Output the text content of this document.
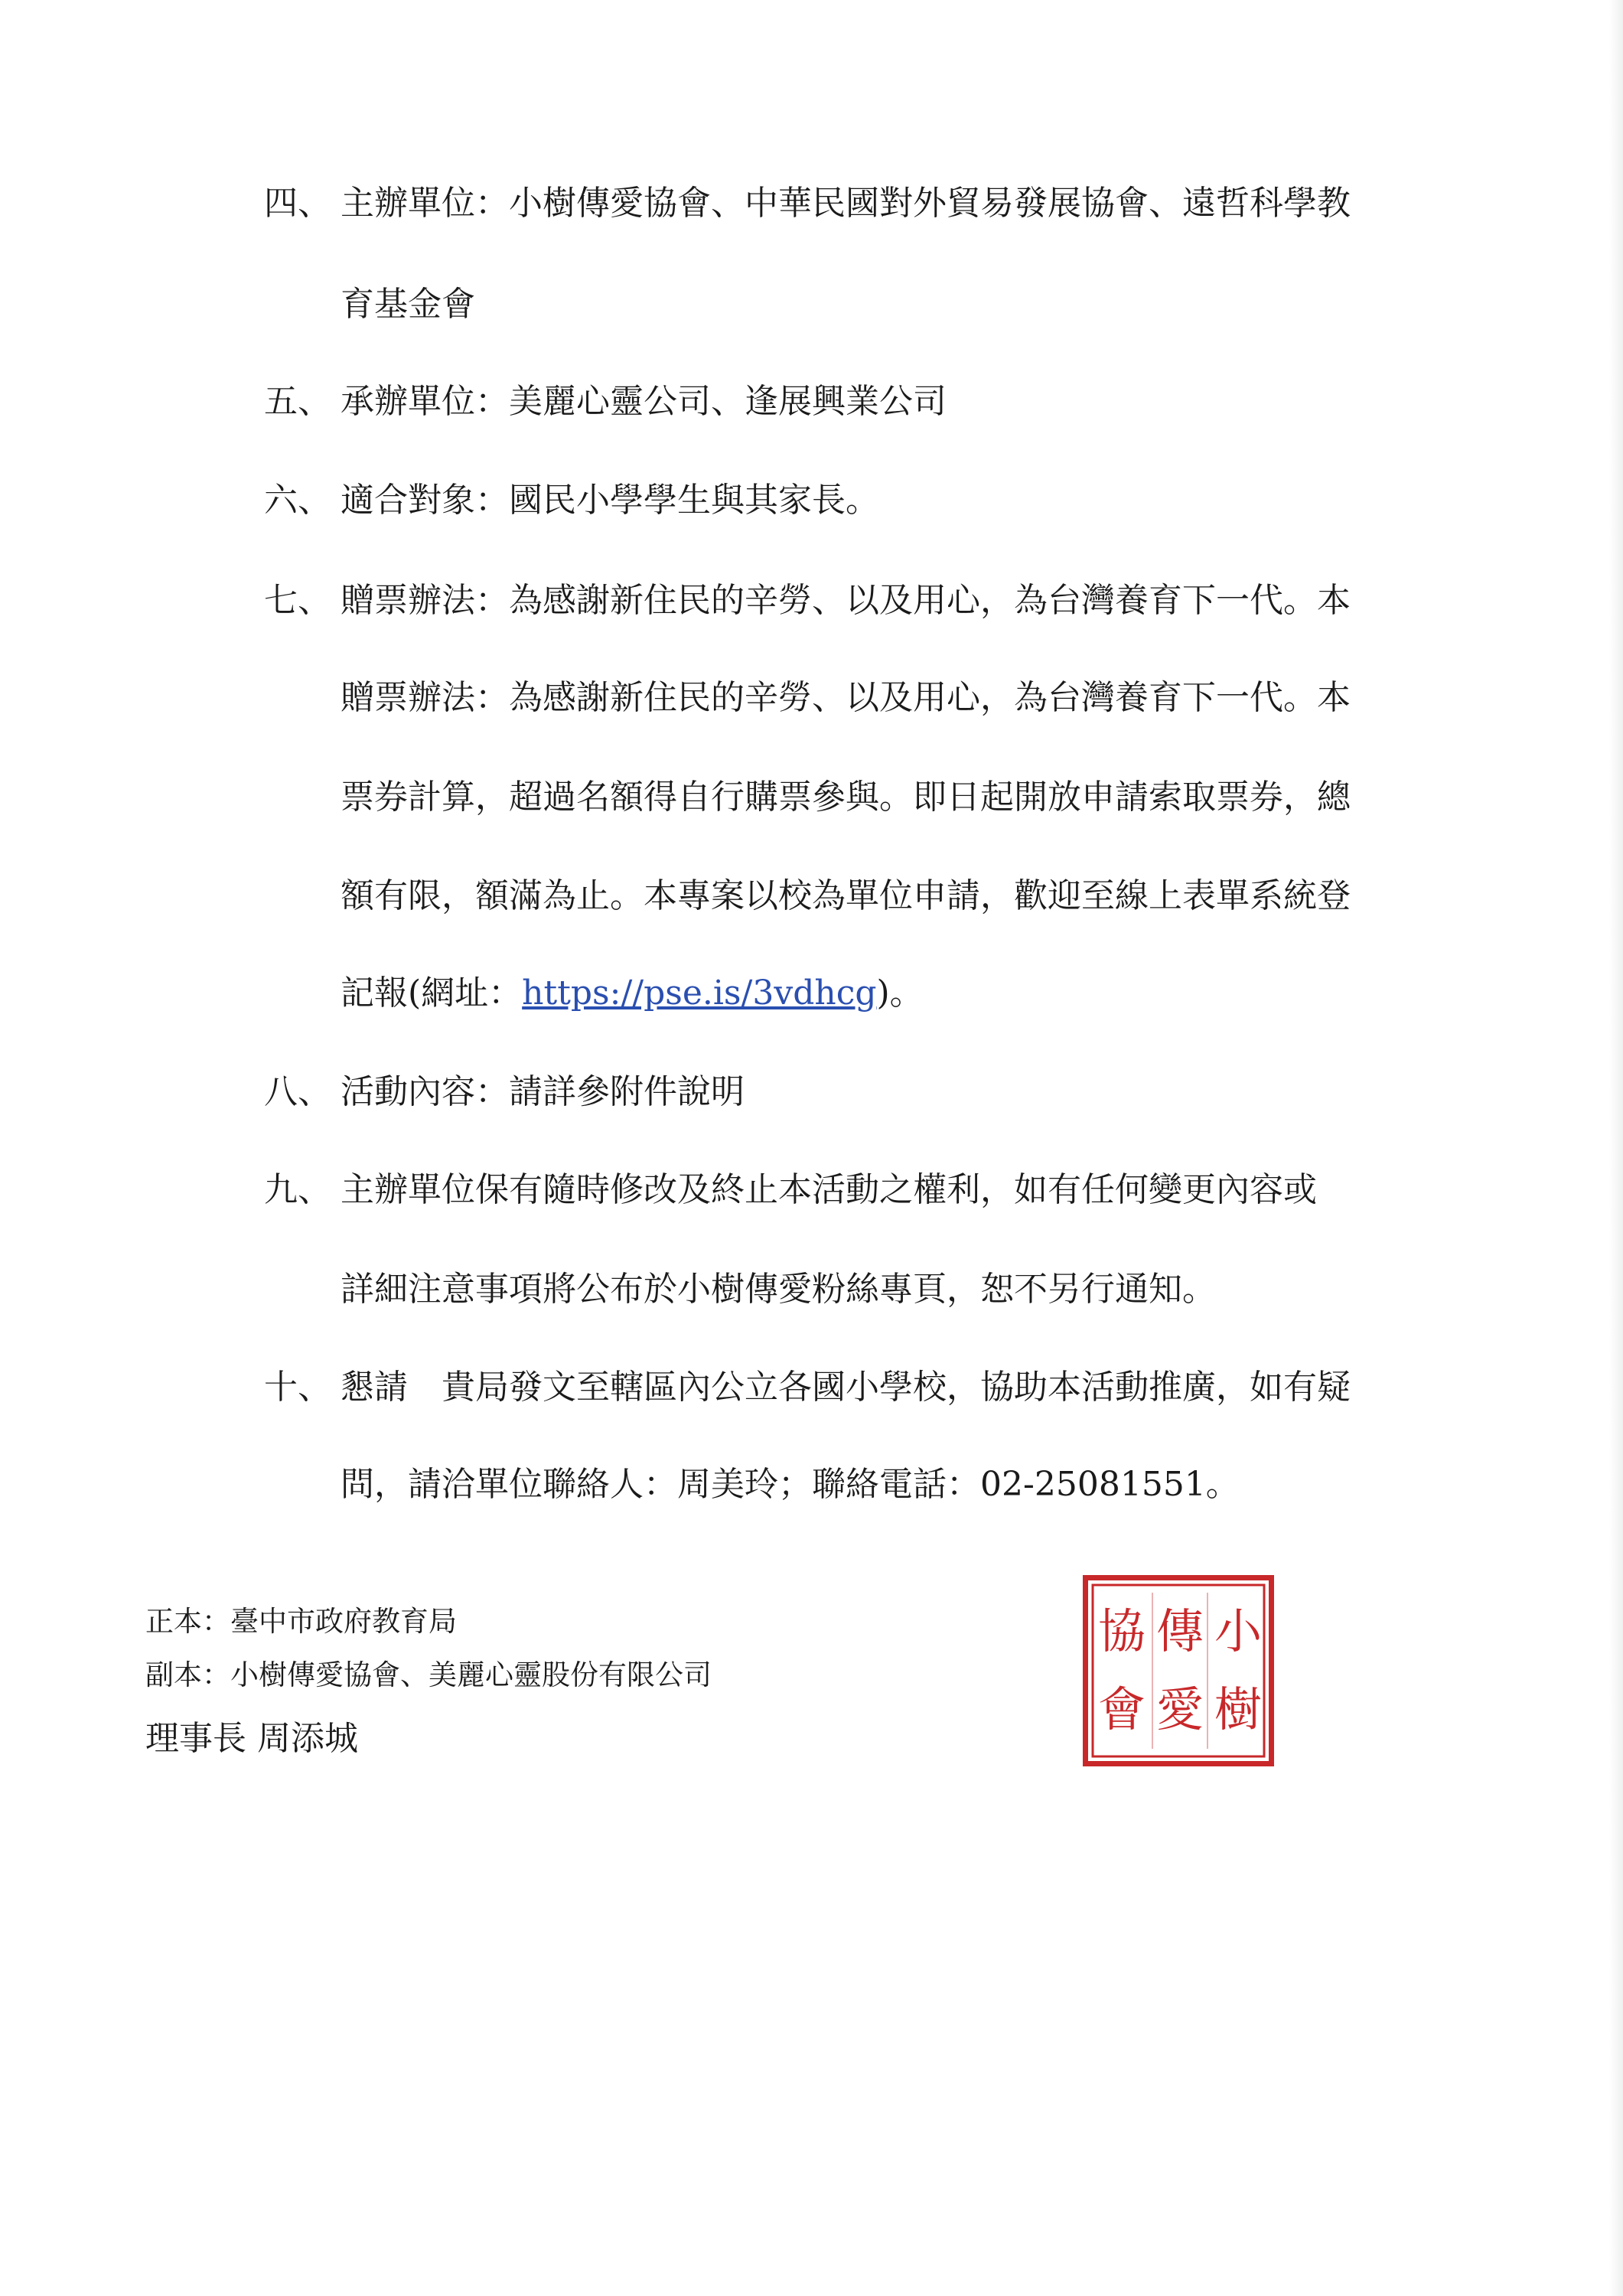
四、 主辦單位：小樹傳愛協會、中華民國對外貿易發展協會、遠哲科學教
育基金會
五、 承辦單位：美麗心靈公司、逢展興業公司
六、 適合對象：國民小學學生與其家長。
七、 贈票辦法：為感謝新住民的辛勞、以及用心，為台灣養育下一代。本
贈票辦法：為感謝新住民的辛勞、以及用心，為台灣養育下一代。本
票券計算，超過名額得自行購票參與。即日起開放申請索取票券，總
額有限，額滿為止。本專案以校為單位申請，歡迎至線上表單系統登
記報(網址：https://pse.is/3vdhcg)。
八、 活動內容：請詳參附件說明
九、 主辦單位保有隨時修改及終止本活動之權利，如有任何變更內容或
詳細注意事項將公布於小樹傳愛粉絲專頁，恕不另行通知。
十、 懇請　貴局發文至轄區內公立各國小學校，協助本活動推廣，如有疑
問，請洽單位聯絡人：周美玲；聯絡電話：02-25081551。
正本：臺中市政府教育局
副本：小樹傳愛協會、美麗心靈股份有限公司
理事長 周添城
小
樹
傳
愛
協
會
